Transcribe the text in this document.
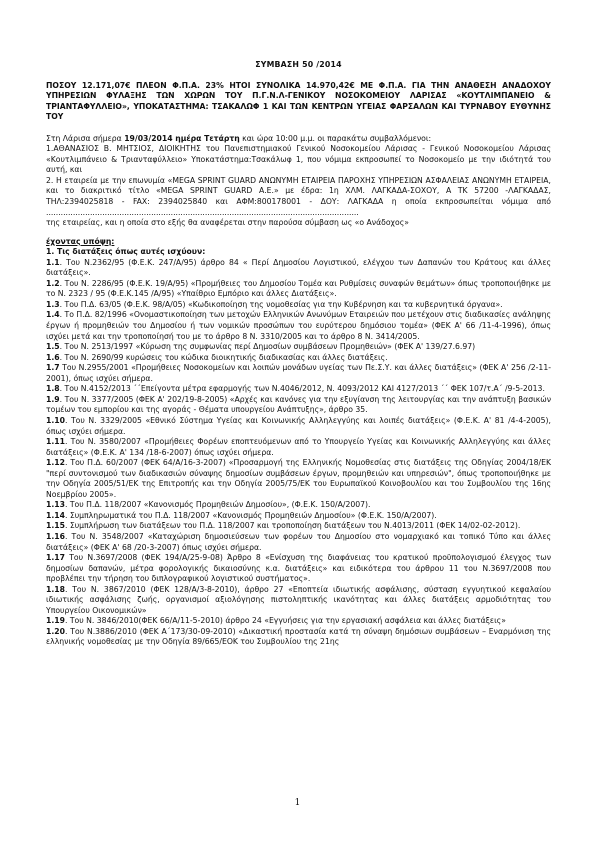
ΣΥΜΒΑΣΗ 50 /2014
ΠΟΣΟΥ 12.171,07€ ΠΛΕΟΝ Φ.Π.Α. 23% ΗΤΟΙ ΣΥΝΟΛΙΚΑ 14.970,42€ ΜΕ Φ.Π.Α. ΓΙΑ ΤΗΝ ΑΝΑΘΕΣΗ ΑΝΑΔΟΧΟΥ ΥΠΗΡΕΣΙΩΝ ΦΥΛΑΞΗΣ ΤΩΝ ΧΩΡΩΝ ΤΟΥ Π.Γ.Ν.Λ-ΓΕΝΙΚΟΥ ΝΟΣΟΚΟΜΕΙΟΥ ΛΑΡΙΣΑΣ «ΚΟΥΤΛΙΜΠΑΝΕΙΟ & ΤΡΙΑΝΤΑΦΥΛΛΕΙΟ», ΥΠΟΚΑΤΑΣΤΗΜΑ: ΤΣΑΚΑΛΩΦ 1 ΚΑΙ ΤΩΝ ΚΕΝΤΡΩΝ ΥΓΕΙΑΣ ΦΑΡΣΑΛΩΝ ΚΑΙ ΤΥΡΝΑΒΟΥ ΕΥΘΥΝΗΣ ΤΟΥ

Στη Λάρισα σήμερα 19/03/2014 ημέρα Τετάρτη και ώρα 10:00 μ.μ. οι παρακάτω συμβαλλόμενοι:

1.ΑΘΑΝΑΣΙΟΣ Β. ΜΗΤΣΙΟΣ, ΔΙΟΙΚΗΤΗΣ του Πανεπιστημιακού Γενικού Νοσοκομείου Λάρισας - Γενικού Νοσοκομείου Λάρισας «Κουτλιμπάνειο & Τριανταφύλλειο» Υποκατάστημα:Τσακάλωφ 1, που νόμιμα εκπροσωπεί το Νοσοκομείο με την ιδιότητά του αυτή, και

2. Η εταιρεία με την επωνυμία «MEGA SPRINT GUARD ΑΝΩΝΥΜΗ ΕΤΑΙΡΕΙΑ ΠΑΡΟΧΗΣ ΥΠΗΡΕΣΙΩΝ ΑΣΦΑΛΕΙΑΣ ΑΝΩΝΥΜΗ ΕΤΑΙΡΕΙΑ, και το διακριτικό τίτλο «MEGA SPRINT GUARD Α.Ε.» με έδρα: 1η ΧΛΜ. ΛΑΓΚΑΔΑ-ΣΟΧΟΥ, Α ΤΚ 57200 -ΛΑΓΚΑΔΑΣ, ΤΗΛ:2394025818 - FAX: 2394025840 και ΑΦΜ:800178001 - ΔΟΥ: ΛΑΓΚΑΔΑ η οποία εκπροσωπείται νόμιμα από ................................................................................................................................

της εταιρείας, και η οποία στο εξής θα αναφέρεται στην παρούσα σύμβαση ως «ο Ανάδοχος»

έχοντας υπόψη:
1. Τις διατάξεις όπως αυτές ισχύουν:

1.1. Του Ν.2362/95 (Φ.Ε.Κ. 247/Α/95) άρθρο 84 « Περί Δημοσίου Λογιστικού, ελέγχου των Δαπανών του Κράτους και άλλες διατάξεις».

1.2. Του Ν. 2286/95 (Φ.Ε.Κ. 19/Α/95) «Προμήθειες του Δημοσίου Τομέα και Ρυθμίσεις συναφών θεμάτων» όπως τροποποιήθηκε με το Ν. 2323 / 95 (Φ.Ε.Κ.145 /Α/95) «Υπαίθριο Εμπόριο και άλλες Διατάξεις».

1.3. Του Π.Δ. 63/05 (Φ.Ε.Κ. 98/Α/05) «Κωδικοποίηση της νομοθεσίας για την Κυβέρνηση και τα κυβερνητικά όργανα».

1.4. Το Π.Δ. 82/1996 «Ονομαστικοποίηση των μετοχών Ελληνικών Ανωνύμων Εταιρειών που μετέχουν στις διαδικασίες ανάληψης έργων ή προμηθειών του Δημοσίου ή των νομικών προσώπων του ευρύτερου δημόσιου τομέα» (ΦΕΚ Α' 66 /11-4-1996), όπως ισχύει μετά και την τροποποίησή του με το άρθρο 8 Ν. 3310/2005 και το άρθρο 8 Ν. 3414/2005.

1.5. Του Ν. 2513/1997 «Κύρωση της συμφωνίας περί Δημοσίων συμβάσεων Προμηθειών» (ΦΕΚ Α' 139/27.6.97)

1.6. Του Ν. 2690/99 κυρώσεις του κώδικα διοικητικής διαδικασίας και άλλες διατάξεις.

1.7 Του Ν.2955/2001 «Προμήθειες Νοσοκομείων και λοιπών μονάδων υγείας των Πε.Σ.Υ. και άλλες διατάξεις» (ΦΕΚ Α' 256 /2-11-2001), όπως ισχύει σήμερα.

1.8. Του Ν.4152/2013 ΄΄Επείγοντα μέτρα εφαρμογής των Ν.4046/2012, Ν. 4093/2012 ΚΑΙ 4127/2013 ΄΄ ΦΕΚ 107/τ.Α΄ /9-5-2013.

1.9. Του Ν. 3377/2005 (ΦΕΚ Α' 202/19-8-2005) «Αρχές και κανόνες για την εξυγίανση της λειτουργίας και την ανάπτυξη βασικών τομέων του εμπορίου και της αγοράς - Θέματα υπουργείου Ανάπτυξης», άρθρο 35.

1.10. Του Ν. 3329/2005 «Εθνικό Σύστημα Υγείας και Κοινωνικής Αλληλεγγύης και λοιπές διατάξεις» (Φ.Ε.Κ. Α' 81 /4-4-2005), όπως ισχύει σήμερα.

1.11. Του Ν. 3580/2007 «Προμήθειες Φορέων εποπτευόμενων από το Υπουργείο Υγείας και Κοινωνικής Αλληλεγγύης και άλλες διατάξεις» (Φ.Ε.Κ. Α' 134 /18-6-2007) όπως ισχύει σήμερα.

1.12. Του Π.Δ. 60/2007 (ΦΕΚ 64/Α/16-3-2007) «Προσαρμογή της Ελληνικής Νομοθεσίας στις διατάξεις της Οδηγίας 2004/18/ΕΚ "περί συντονισμού των διαδικασιών σύναψης δημοσίων συμβάσεων έργων, προμηθειών και υπηρεσιών", όπως τροποποιήθηκε με την Οδηγία 2005/51/ΕΚ της Επιτροπής και την Οδηγία 2005/75/ΕΚ του Ευρωπαϊκού Κοινοβουλίου και του Συμβουλίου της 16ης Νοεμβρίου 2005».

1.13. Του Π.Δ. 118/2007 «Κανονισμός Προμηθειών Δημοσίου», (Φ.Ε.Κ. 150/Α/2007).

1.14. Συμπληρωματικά του Π.Δ. 118/2007 «Κανονισμός Προμηθειών Δημοσίου» (Φ.Ε.Κ. 150/Α/2007).

1.15. Συμπλήρωση των διατάξεων του Π.Δ. 118/2007 και τροποποίηση διατάξεων του Ν.4013/2011 (ΦΕΚ 14/02-02-2012).

1.16. Του Ν. 3548/2007 «Καταχώριση δημοσιεύσεων των φορέων του Δημοσίου στο νομαρχιακό και τοπικό Τύπο και άλλες διατάξεις» (ΦΕΚ Α' 68 /20-3-2007) όπως ισχύει σήμερα.

1.17 Του Ν.3697/2008 (ΦΕΚ 194/Α/25-9-08) Άρθρο 8 «Ενίσχυση της διαφάνειας του κρατικού προϋπολογισμού έλεγχος των δημοσίων δαπανών, μέτρα φορολογικής δικαιοσύνης κ.α. διατάξεις» και ειδικότερα του άρθρου 11 του Ν.3697/2008 που προβλέπει την τήρηση του διπλογραφικού λογιστικού συστήματος».

1.18. Του Ν. 3867/2010 (ΦΕΚ 128/Α/3-8-2010), άρθρο 27 «Εποπτεία ιδιωτικής ασφάλισης, σύσταση εγγυητικού κεφαλαίου ιδιωτικής ασφάλισης ζωής, οργανισμοί αξιολόγησης πιστοληπτικής ικανότητας και άλλες διατάξεις αρμοδιότητας του Υπουργείου Οικονομικών»

1.19. Του Ν. 3846/2010(ΦΕΚ 66/Α/11-5-2010) άρθρο 24 «Εγγυήσεις για την εργασιακή ασφάλεια και άλλες διατάξεις»

1.20. Του Ν.3886/2010 (ΦΕΚ Α΄173/30-09-2010) «Δικαστική προστασία κατά τη σύναψη δημόσιων συμβάσεων – Εναρμόνιση της ελληνικής νομοθεσίας με την Οδηγία 89/665/ΕΟΚ του Συμβουλίου της 21ης

1
